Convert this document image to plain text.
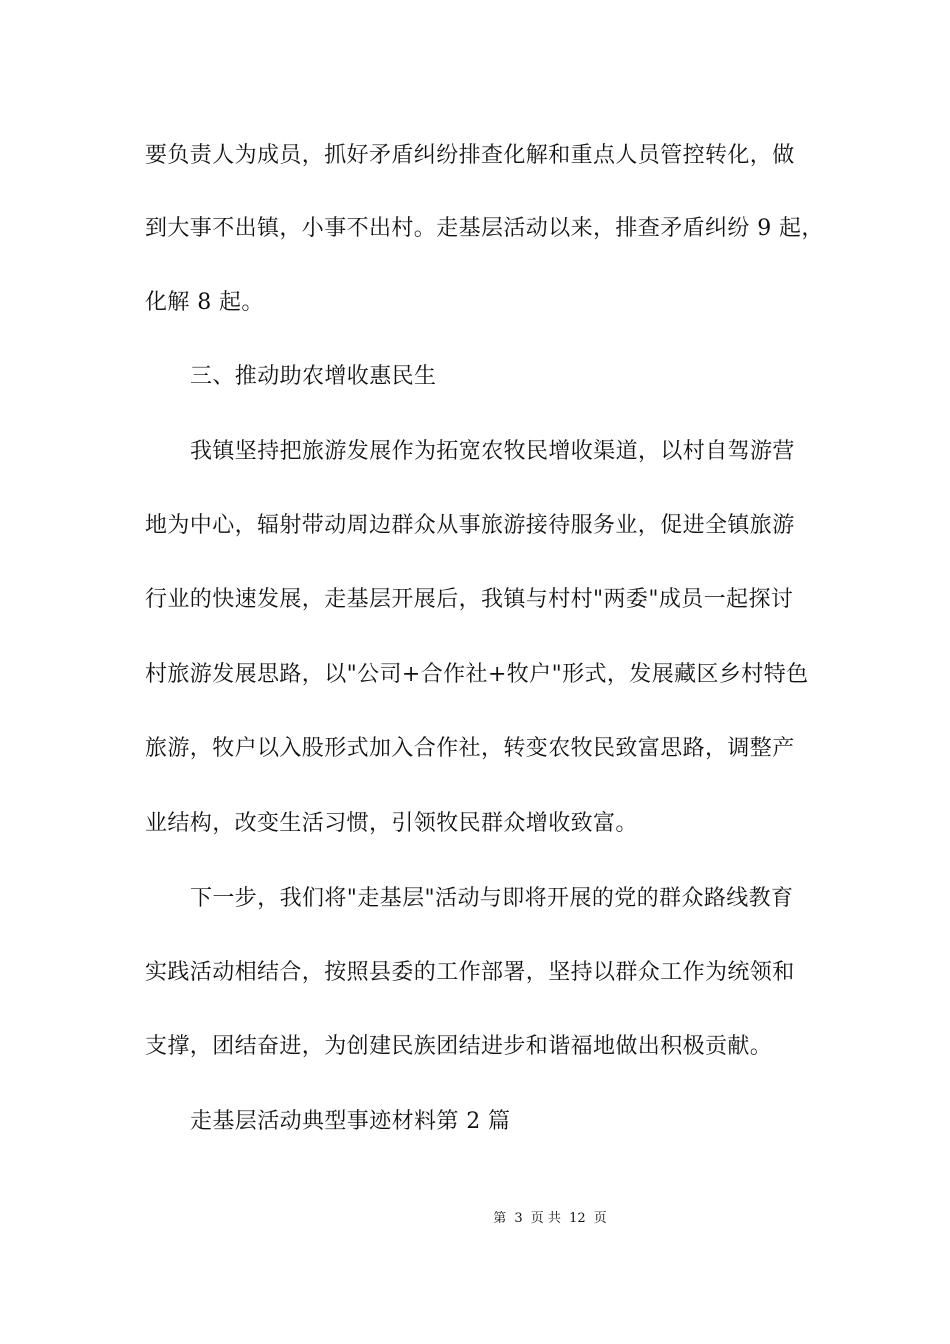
要负责人为成员，抓好矛盾纠纷排查化解和重点人员管控转化，做
到大事不出镇，小事不出村。走基层活动以来，排查矛盾纠纷 9 起，
化解 8 起。
三、推动助农增收惠民生
我镇坚持把旅游发展作为拓宽农牧民增收渠道，以村自驾游营
地为中心，辐射带动周边群众从事旅游接待服务业，促进全镇旅游
行业的快速发展，走基层开展后，我镇与村村"两委"成员一起探讨
村旅游发展思路，以"公司+合作社+牧户"形式，发展藏区乡村特色
旅游，牧户以入股形式加入合作社，转变农牧民致富思路，调整产
业结构，改变生活习惯，引领牧民群众增收致富。
下一步，我们将"走基层"活动与即将开展的党的群众路线教育
实践活动相结合，按照县委的工作部署，坚持以群众工作为统领和
支撑，团结奋进，为创建民族团结进步和谐福地做出积极贡献。
走基层活动典型事迹材料第 2 篇
第 3 页 共 12 页
